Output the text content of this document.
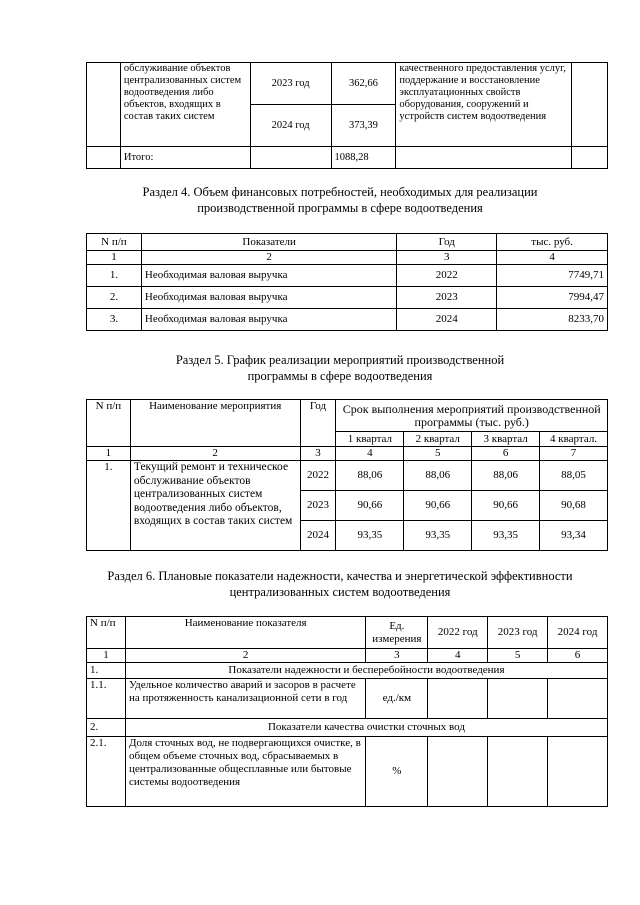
	обслуживание объектов централизованных систем водоотведения либо объектов, входящих в состав таких систем	2023 год	362,66	качественного предоставления услуг, поддержание и восстановление эксплуатационных свойств оборудования, сооружений и устройств систем водоотведения	
		2024 год	373,39		
	Итого:		1088,28		

Раздел 4. Объем финансовых потребностей, необходимых для реализации производственной программы в сфере водоотведения

N п/п	Показатели	Год	тыс. руб.
1	2	3	4
1.	Необходимая валовая выручка	2022	7749,71
2.	Необходимая валовая выручка	2023	7994,47
3.	Необходимая валовая выручка	2024	8233,70

Раздел 5. График реализации мероприятий производственной программы в сфере водоотведения

N п/п	Наименование мероприятия	Год	Срок выполнения мероприятий производственной программы (тыс. руб.)			
			1 квартал	2 квартал	3 квартал	4 квартал.
1	2	3	4	5	6	7
1.	Текущий ремонт и техническое обслуживание объектов централизованных систем водоотведения либо объектов, входящих в состав таких систем	2022	88,06	88,06	88,06	88,05
		2023	90,66	90,66	90,66	90,68
		2024	93,35	93,35	93,35	93,34

Раздел 6. Плановые показатели надежности, качества и энергетической эффективности централизованных систем водоотведения

N п/п	Наименование показателя	Ед. измерения	2022 год	2023 год	2024 год
1	2	3	4	5	6
1.	Показатели надежности и бесперебойности водоотведения				
1.1.	Удельное количество аварий и засоров в расчете на протяженность канализационной сети в год	ед./км			
2.	Показатели качества очистки сточных вод				
2.1.	Доля сточных вод, не подвергающихся очистке, в общем объеме сточных вод, сбрасываемых в централизованные общесплавные или бытовые системы водоотведения	%			
